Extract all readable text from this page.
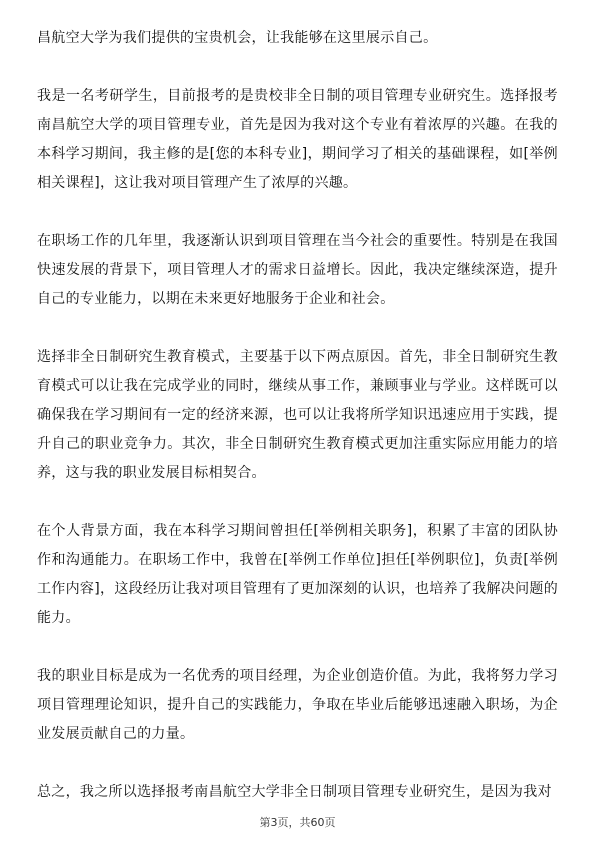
昌航空大学为我们提供的宝贵机会，让我能够在这里展示自己。

我是一名考研学生，目前报考的是贵校非全日制的项目管理专业研究生。选择报考南昌航空大学的项目管理专业，首先是因为我对这个专业有着浓厚的兴趣。在我的本科学习期间，我主修的是[您的本科专业]，期间学习了相关的基础课程，如[举例相关课程]，这让我对项目管理产生了浓厚的兴趣。

在职场工作的几年里，我逐渐认识到项目管理在当今社会的重要性。特别是在我国快速发展的背景下，项目管理人才的需求日益增长。因此，我决定继续深造，提升自己的专业能力，以期在未来更好地服务于企业和社会。

选择非全日制研究生教育模式，主要基于以下两点原因。首先，非全日制研究生教育模式可以让我在完成学业的同时，继续从事工作，兼顾事业与学业。这样既可以确保我在学习期间有一定的经济来源，也可以让我将所学知识迅速应用于实践，提升自己的职业竞争力。其次，非全日制研究生教育模式更加注重实际应用能力的培养，这与我的职业发展目标相契合。

在个人背景方面，我在本科学习期间曾担任[举例相关职务]，积累了丰富的团队协作和沟通能力。在职场工作中，我曾在[举例工作单位]担任[举例职位]，负责[举例工作内容]，这段经历让我对项目管理有了更加深刻的认识，也培养了我解决问题的能力。

我的职业目标是成为一名优秀的项目经理，为企业创造价值。为此，我将努力学习项目管理理论知识，提升自己的实践能力，争取在毕业后能够迅速融入职场，为企业发展贡献自己的力量。

总之，我之所以选择报考南昌航空大学非全日制项目管理专业研究生，是因为我对

第3页，共60页
